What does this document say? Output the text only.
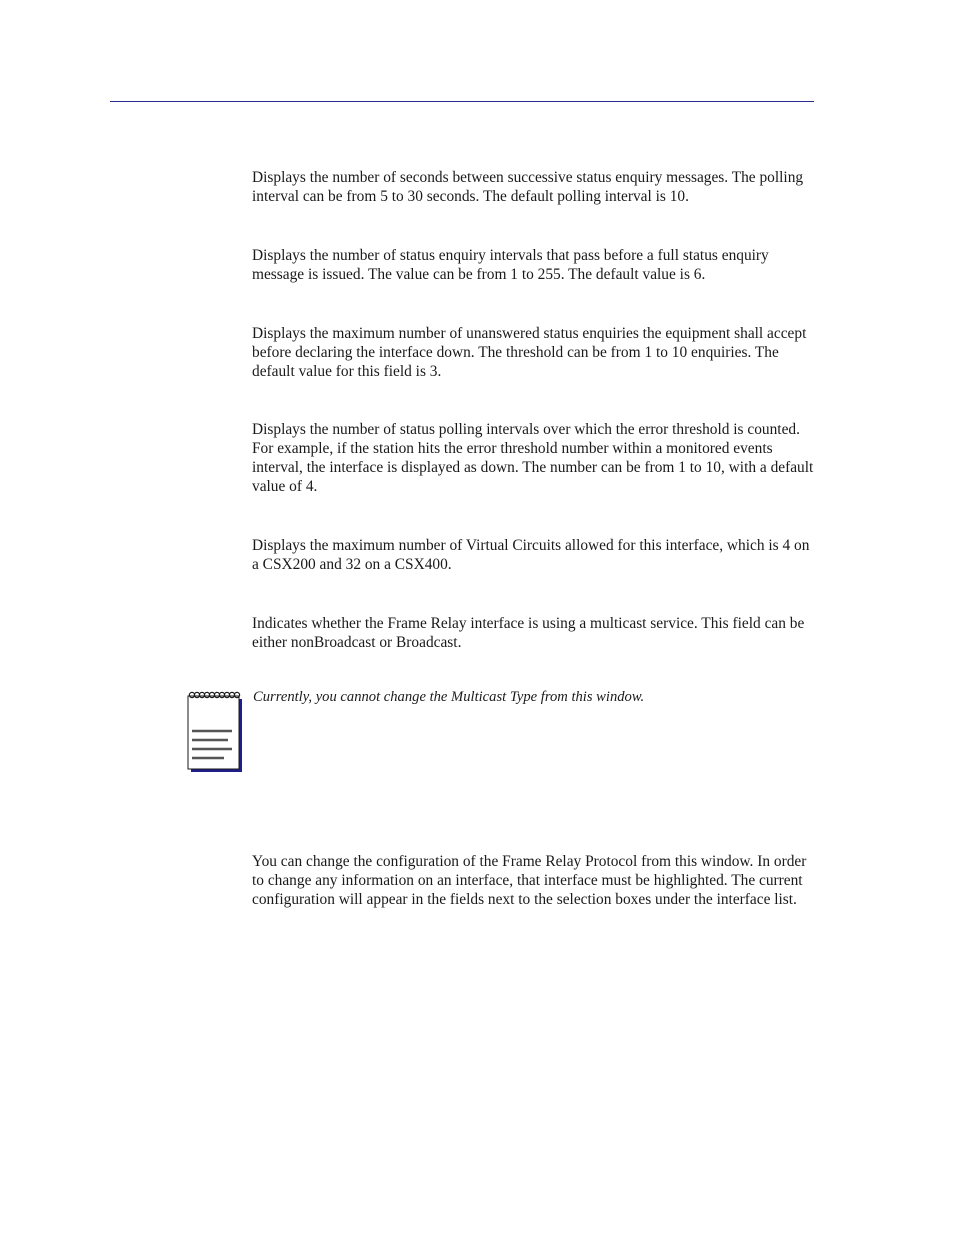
Displays the number of seconds between successive status enquiry messages. The polling interval can be from 5 to 30 seconds. The default polling interval is 10.

Displays the number of status enquiry intervals that pass before a full status enquiry message is issued. The value can be from 1 to 255. The default value is 6.

Displays the maximum number of unanswered status enquiries the equipment shall accept before declaring the interface down. The threshold can be from 1 to 10 enquiries. The default value for this field is 3.

Displays the number of status polling intervals over which the error threshold is counted. For example, if the station hits the error threshold number within a monitored events interval, the interface is displayed as down. The number can be from 1 to 10, with a default value of 4.

Displays the maximum number of Virtual Circuits allowed for this interface, which is 4 on a CSX200 and 32 on a CSX400.

Indicates whether the Frame Relay interface is using a multicast service. This field can be either nonBroadcast or Broadcast.

Currently, you cannot change the Multicast Type from this window.

You can change the configuration of the Frame Relay Protocol from this window. In order to change any information on an interface, that interface must be highlighted. The current configuration will appear in the fields next to the selection boxes under the interface list.
